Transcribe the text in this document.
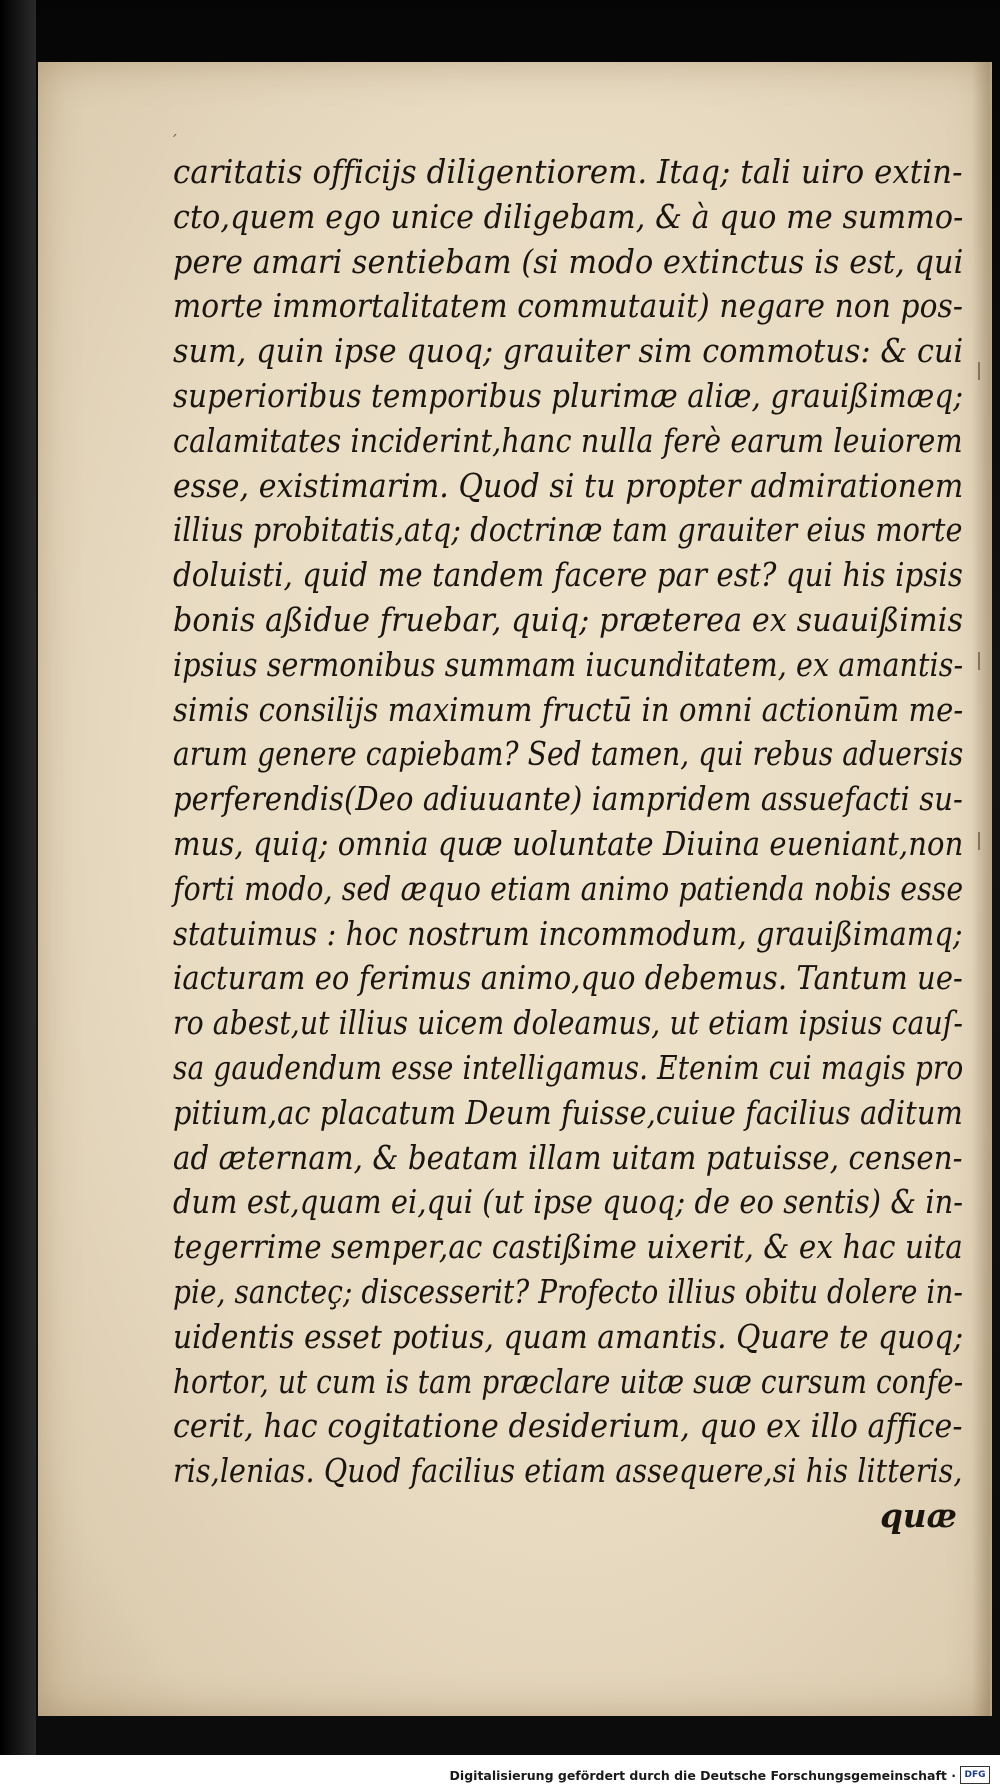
ˊ
caritatis officijs diligentiorem. Itaq; tali uiro extin‑
cto,quem ego unice diligebam, & à quo me summo‑
pere amari sentiebam (si modo extinctus is est, qui
morte immortalitatem commutauit) negare non pos‑
sum, quin ipse quoq; grauiter sim commotus: & cui
superioribus temporibus plurimæ aliæ, grauißimæq;
calamitates inciderint,hanc nulla ferè earum leuiorem
esse, existimarim. Quod si tu propter admirationem
illius probitatis,atq; doctrinæ tam grauiter eius morte
doluisti, quid me tandem facere par est? qui his ipsis
bonis aßidue fruebar, quiq; præterea ex suauißimis
ipsius sermonibus summam iucunditatem, ex amantis‑
simis consilijs maximum fructū in omni actionūm me‑
arum genere capiebam? Sed tamen, qui rebus aduersis
perferendis(Deo adiuuante) iampridem assuefacti su‑
mus, quiq; omnia quæ uoluntate Diuina eueniant,non
forti modo, sed æquo etiam animo patienda nobis esse
statuimus : hoc nostrum incommodum, grauißimamq;
iacturam eo ferimus animo,quo debemus. Tantum ue‑
ro abest,ut illius uicem doleamus, ut etiam ipsius cauſ‑
sa gaudendum esse intelligamus. Etenim cui magis pro
pitium,ac placatum Deum fuisse,cuiue facilius aditum
ad æternam, & beatam illam uitam patuisse, censen‑
dum est,quam ei,qui (ut ipse quoq; de eo sentis) & in‑
tegerrime semper,ac castißime uixerit, & ex hac uita
pie, sancteç; discesserit? Profecto illius obitu dolere in‑
uidentis esset potius, quam amantis. Quare te quoq;
hortor, ut cum is tam præclare uitæ suæ cursum confe‑
cerit, hac cogitatione desiderium, quo ex illo affice‑
ris,lenias. Quod facilius etiam assequere,si his litteris,
quæ
Digitalisierung gefördert durch die Deutsche Forschungsgemeinschaft · DFG
